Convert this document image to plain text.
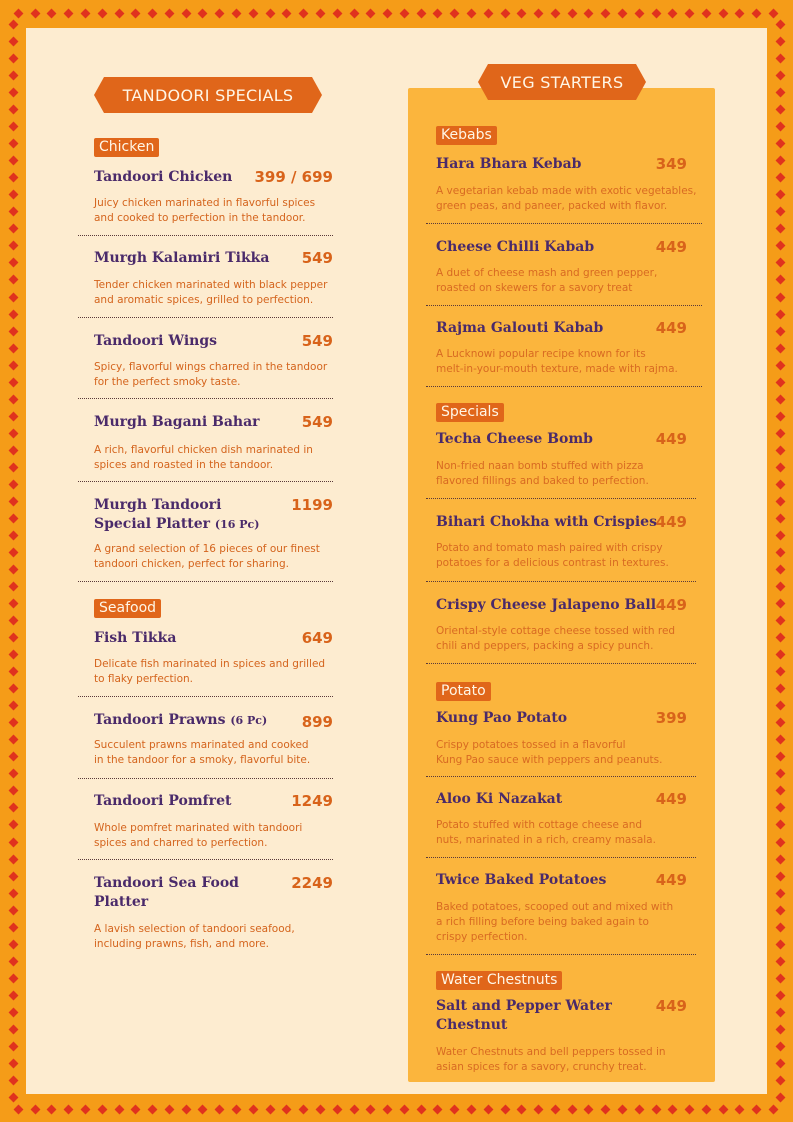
TANDOORI SPECIALS
VEG STARTERS
Chicken
Tandoori Chicken	399 / 699
Juicy chicken marinated in flavorful spices
and cooked to perfection in the tandoor.
Murgh Kalamiri Tikka	549
Tender chicken marinated with black pepper
and aromatic spices, grilled to perfection.
Tandoori Wings	549
Spicy, flavorful wings charred in the tandoor
for the perfect smoky taste.
Murgh Bagani Bahar	549
A rich, flavorful chicken dish marinated in
spices and roasted in the tandoor.
Murgh Tandoori
Special Platter (16 Pc)
1199
A grand selection of 16 pieces of our finest
tandoori chicken, perfect for sharing.
Seafood
Fish Tikka	649
Delicate fish marinated in spices and grilled
to flaky perfection.
Tandoori Prawns (6 Pc)	899
Succulent prawns marinated and cooked
in the tandoor for a smoky, flavorful bite.
Tandoori Pomfret	1249
Whole pomfret marinated with tandoori
spices and charred to perfection.
Tandoori Sea Food
Platter
2249
A lavish selection of tandoori seafood,
including prawns, fish, and more.
Kebabs
Hara Bhara Kebab	349
A vegetarian kebab made with exotic vegetables,
green peas, and paneer, packed with flavor.
Cheese Chilli Kabab	449
A duet of cheese mash and green pepper,
roasted on skewers for a savory treat
Rajma Galouti Kabab	449
A Lucknowi popular recipe known for its
melt-in-your-mouth texture, made with rajma.
Specials
Techa Cheese Bomb	449
Non-fried naan bomb stuffed with pizza
flavored fillings and baked to perfection.
Bihari Chokha with Crispies
449
Potato and tomato mash paired with crispy
potatoes for a delicious contrast in textures.
Crispy Cheese Jalapeno Ball 449
Oriental-style cottage cheese tossed with red
chili and peppers, packing a spicy punch.
Potato
Kung Pao Potato	399
Crispy potatoes tossed in a flavorful
Kung Pao sauce with peppers and peanuts.
Aloo Ki Nazakat	449
Potato stuffed with cottage cheese and
nuts, marinated in a rich, creamy masala.
Twice Baked Potatoes	449
Baked potatoes, scooped out and mixed with
a rich filling before being baked again to
crispy perfection.
Water Chestnuts
Salt and Pepper Water
Chestnut
449
Water Chestnuts and bell peppers tossed in
asian spices for a savory, crunchy treat.
